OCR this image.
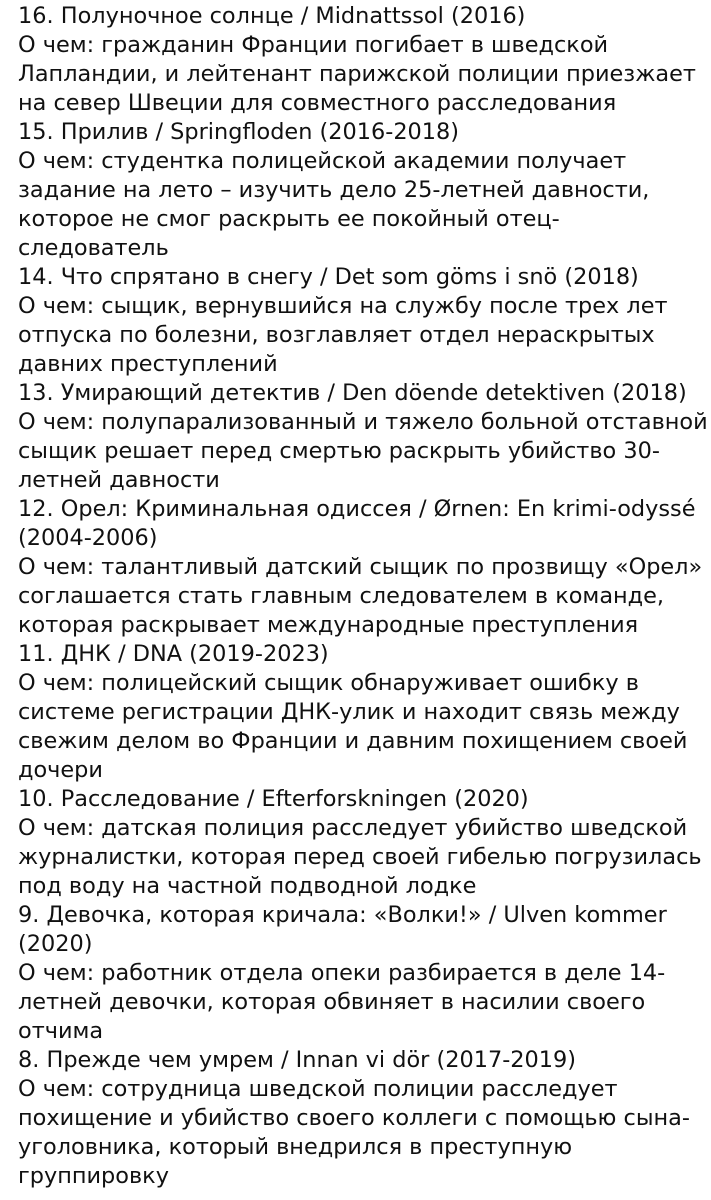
16. Полуночное солнце / Midnattssol (2016)
О чем: гражданин Франции погибает в шведской
Лапландии, и лейтенант парижской полиции приезжает
на север Швеции для совместного расследования
15. Прилив / Springfloden (2016-2018)
О чем: студентка полицейской академии получает
задание на лето – изучить дело 25-летней давности,
которое не смог раскрыть ее покойный отец-
следователь
14. Что спрятано в снегу / Det som göms i snö (2018)
О чем: сыщик, вернувшийся на службу после трех лет
отпуска по болезни, возглавляет отдел нераскрытых
давних преступлений
13. Умирающий детектив / Den döende detektiven (2018)
О чем: полупарализованный и тяжело больной отставной
сыщик решает перед смертью раскрыть убийство 30-
летней давности
12. Орел: Криминальная одиссея / Ørnen: En krimi-odyssé
(2004-2006)
О чем: талантливый датский сыщик по прозвищу «Орел»
соглашается стать главным следователем в команде,
которая раскрывает международные преступления
11. ДНК / DNA (2019-2023)
О чем: полицейский сыщик обнаруживает ошибку в
системе регистрации ДНК-улик и находит связь между
свежим делом во Франции и давним похищением своей
дочери
10. Расследование / Efterforskningen (2020)
О чем: датская полиция расследует убийство шведской
журналистки, которая перед своей гибелью погрузилась
под воду на частной подводной лодке
9. Девочка, которая кричала: «Волки!» / Ulven kommer
(2020)
О чем: работник отдела опеки разбирается в деле 14-
летней девочки, которая обвиняет в насилии своего
отчима
8. Прежде чем умрем / Innan vi dör (2017-2019)
О чем: сотрудница шведской полиции расследует
похищение и убийство своего коллеги с помощью сына-
уголовника, который внедрился в преступную
группировку
